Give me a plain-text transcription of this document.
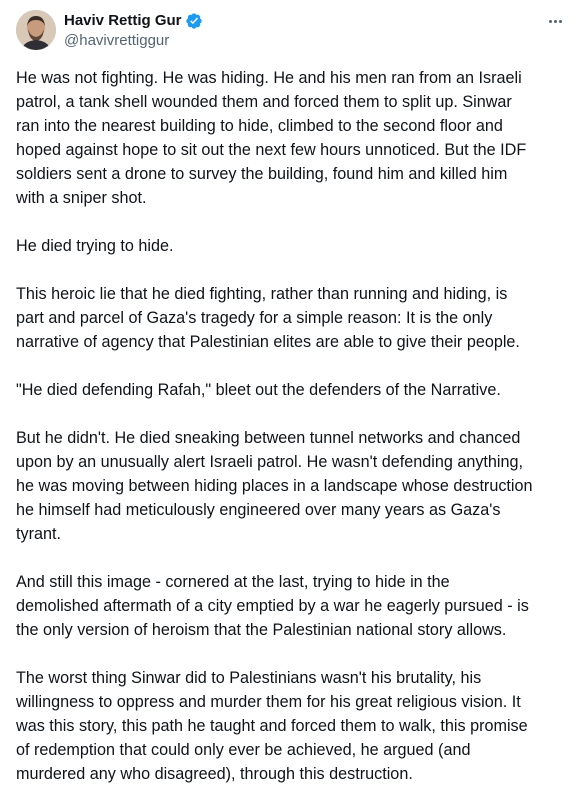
Haviv Rettig Gur
@havivrettiggur

He was not fighting. He was hiding. He and his men ran from an Israeli
patrol, a tank shell wounded them and forced them to split up. Sinwar
ran into the nearest building to hide, climbed to the second floor and
hoped against hope to sit out the next few hours unnoticed. But the IDF
soldiers sent a drone to survey the building, found him and killed him
with a sniper shot.

He died trying to hide.

This heroic lie that he died fighting, rather than running and hiding, is
part and parcel of Gaza's tragedy for a simple reason: It is the only
narrative of agency that Palestinian elites are able to give their people.

"He died defending Rafah," bleet out the defenders of the Narrative.

But he didn't. He died sneaking between tunnel networks and chanced
upon by an unusually alert Israeli patrol. He wasn't defending anything,
he was moving between hiding places in a landscape whose destruction
he himself had meticulously engineered over many years as Gaza's
tyrant.

And still this image - cornered at the last, trying to hide in the
demolished aftermath of a city emptied by a war he eagerly pursued - is
the only version of heroism that the Palestinian national story allows.

The worst thing Sinwar did to Palestinians wasn't his brutality, his
willingness to oppress and murder them for his great religious vision. It
was this story, this path he taught and forced them to walk, this promise
of redemption that could only ever be achieved, he argued (and
murdered any who disagreed), through this destruction.
